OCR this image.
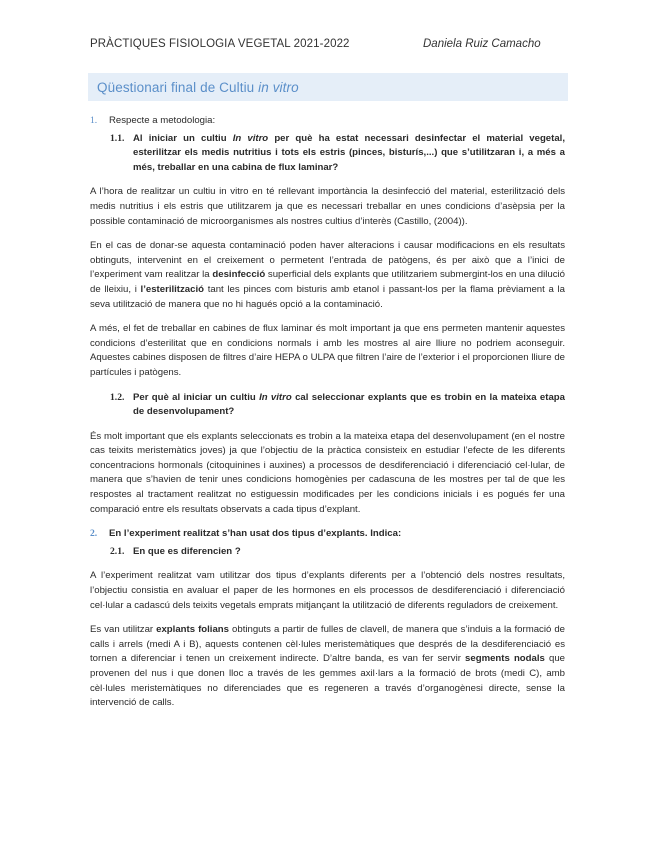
PRÀCTIQUES FISIOLOGIA VEGETAL 2021-2022	Daniela Ruiz Camacho
Qüestionari final de Cultiu in vitro
1. Respecte a metodologia:
1.1. Al iniciar un cultiu In vitro per què ha estat necessari desinfectar el material vegetal, esterilitzar els medis nutritius i tots els estris (pinces, bisturís,...) que s’utilitzaran i, a més a més, treballar en una cabina de flux laminar?

A l’hora de realitzar un cultiu in vitro en té rellevant importància la desinfecció del material, esterilització dels medis nutritius i els estris que utilitzarem ja que es necessari treballar en unes condicions d’asèpsia per la possible contaminació de microorganismes als nostres cultius d’interès (Castillo, (2004)).

En el cas de donar-se aquesta contaminació poden haver alteracions i causar modificacions en els resultats obtinguts, intervenint en el creixement o permetent l’entrada de patògens, és per això que a l’inici de l’experiment vam realitzar la desinfecció superficial dels explants que utilitzariem submergint-los en una dilució de lleixiu, i l’esterilització tant les pinces com bisturis amb etanol i passant-los per la flama prèviament a la seva utilització de manera que no hi hagués opció a la contaminació.

A més, el fet de treballar en cabines de flux laminar és molt important ja que ens permeten mantenir aquestes condicions d’esterilitat que en condicions normals i amb les mostres al aire lliure no podriem aconseguir. Aquestes cabines disposen de filtres d’aire HEPA o ULPA que filtren l’aire de l’exterior i el proporcionen lliure de partícules i patògens.

1.2. Per què al iniciar un cultiu In vitro cal seleccionar explants que es trobin en la mateixa etapa de desenvolupament?

És molt important que els explants seleccionats es trobin a la mateixa etapa del desenvolupament (en el nostre cas teixits meristemàtics joves) ja que l’objectiu de la pràctica consisteix en estudiar l’efecte de les diferents concentracions hormonals (citoquinines i auxines) a processos de desdiferenciació i diferenciació cel·lular, de manera que s’havien de tenir unes condicions homogènies per cadascuna de les mostres per tal de que les respostes al tractament realitzat no estiguessin modificades per les condicions inicials i es pogués fer una comparació entre els resultats observats a cada tipus d’explant.

2. En l’experiment realitzat s’han usat dos tipus d’explants. Indica:
2.1. En que es diferencien ?

A l’experiment realitzat vam utilitzar dos tipus d’explants diferents per a l’obtenció dels nostres resultats, l’objectiu consistia en avaluar el paper de les hormones en els processos de desdiferenciació i diferenciació cel·lular a cadascú dels teixits vegetals emprats mitjançant la utilització de diferents reguladors de creixement.

Es van utilitzar explants folians obtinguts a partir de fulles de clavell, de manera que s’induis a la formació de calls i arrels (medi A i B), aquests contenen cèl·lules meristemàtiques que després de la desdiferenciació es tornen a diferenciar i tenen un creixement indirecte. D’altre banda, es van fer servir segments nodals que provenen del nus i que donen lloc a través de les gemmes axil·lars a la formació de brots (medi C), amb cèl·lules meristemàtiques no diferenciades que es regeneren a través d’organogènesi directe, sense la intervenció de calls.
